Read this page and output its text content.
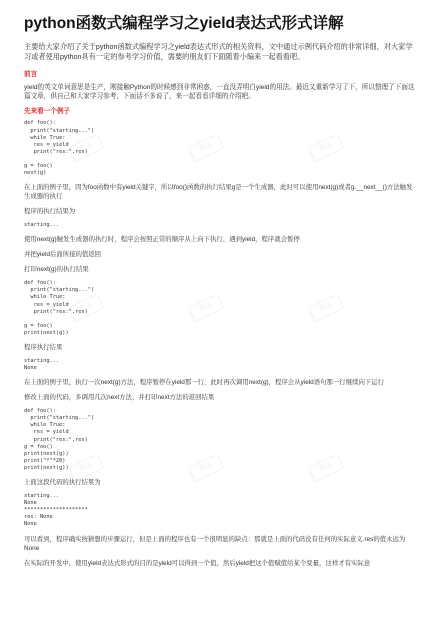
课课	课课	课课
课课	课课	课课
课课	课课	课课
python函数式编程学习之yield表达式形式详解

主要给大家介绍了关于python函数式编程学习之yield表达式形式的相关资料，文中通过示例代码介绍的非常详细，对大家学习或者使用python具有一定的参考学习价值，需要的朋友们下面随着小编来一起看看吧。

前言

yield的英文单词意思是生产，刚接触Python的时候感到非常困惑，一直没弄明白yield的用法。最近又重新学习了下，所以整理了下面这篇文章，供自己和大家学习参考，下面话不多说了，来一起看看详细的介绍吧。

先来看一个例子
def foo():
print("starting...")
while True:
res = yield
print("res:",res)

g = foo()
next(g)

在上面的例子里，因为foo函数中有yield关键字，所以foo()函数的执行结果g是一个生成器，此时可以使用next(g)或者g.__next__()方法触发生成器的执行

程序的执行结果为

starting...

使用next(g)触发生成器的执行时，程序会按照正常的顺序从上向下执行，遇到yield，程序就会暂停

并把yield后面所接的值返回

打印next(g)的执行结果

def foo():
print("starting...")
while True:
res = yield
print("res:",res)

g = foo()
print(next(g))

程序执行结果

starting...
None

在上面的例子里，执行一次next(g)方法，程序暂停在yield那一行，此时再次调用next(g)，程序会从yield语句那一行继续向下运行

修改上面的代码，多调用几次next方法，并打印next方法的返回结果

def foo():
print("starting...")
while True:
res = yield
print("res:",res)
g = foo()
print(next(g))
print("*"*20)
print(next(g))

上面这段代码的执行结果为

starting...
None
********************
res: None
None

可以看到，程序确实按猜想的步骤运行，但是上面的程序也有一个很明显的缺点：那就是上面的代码没有任何的实际意义.res的值永远为None

在实际的开发中，使用yield表达式形式的目的是yield可以得到一个值，然后yield把这个值赋值给某个变量，这样才有实际意
